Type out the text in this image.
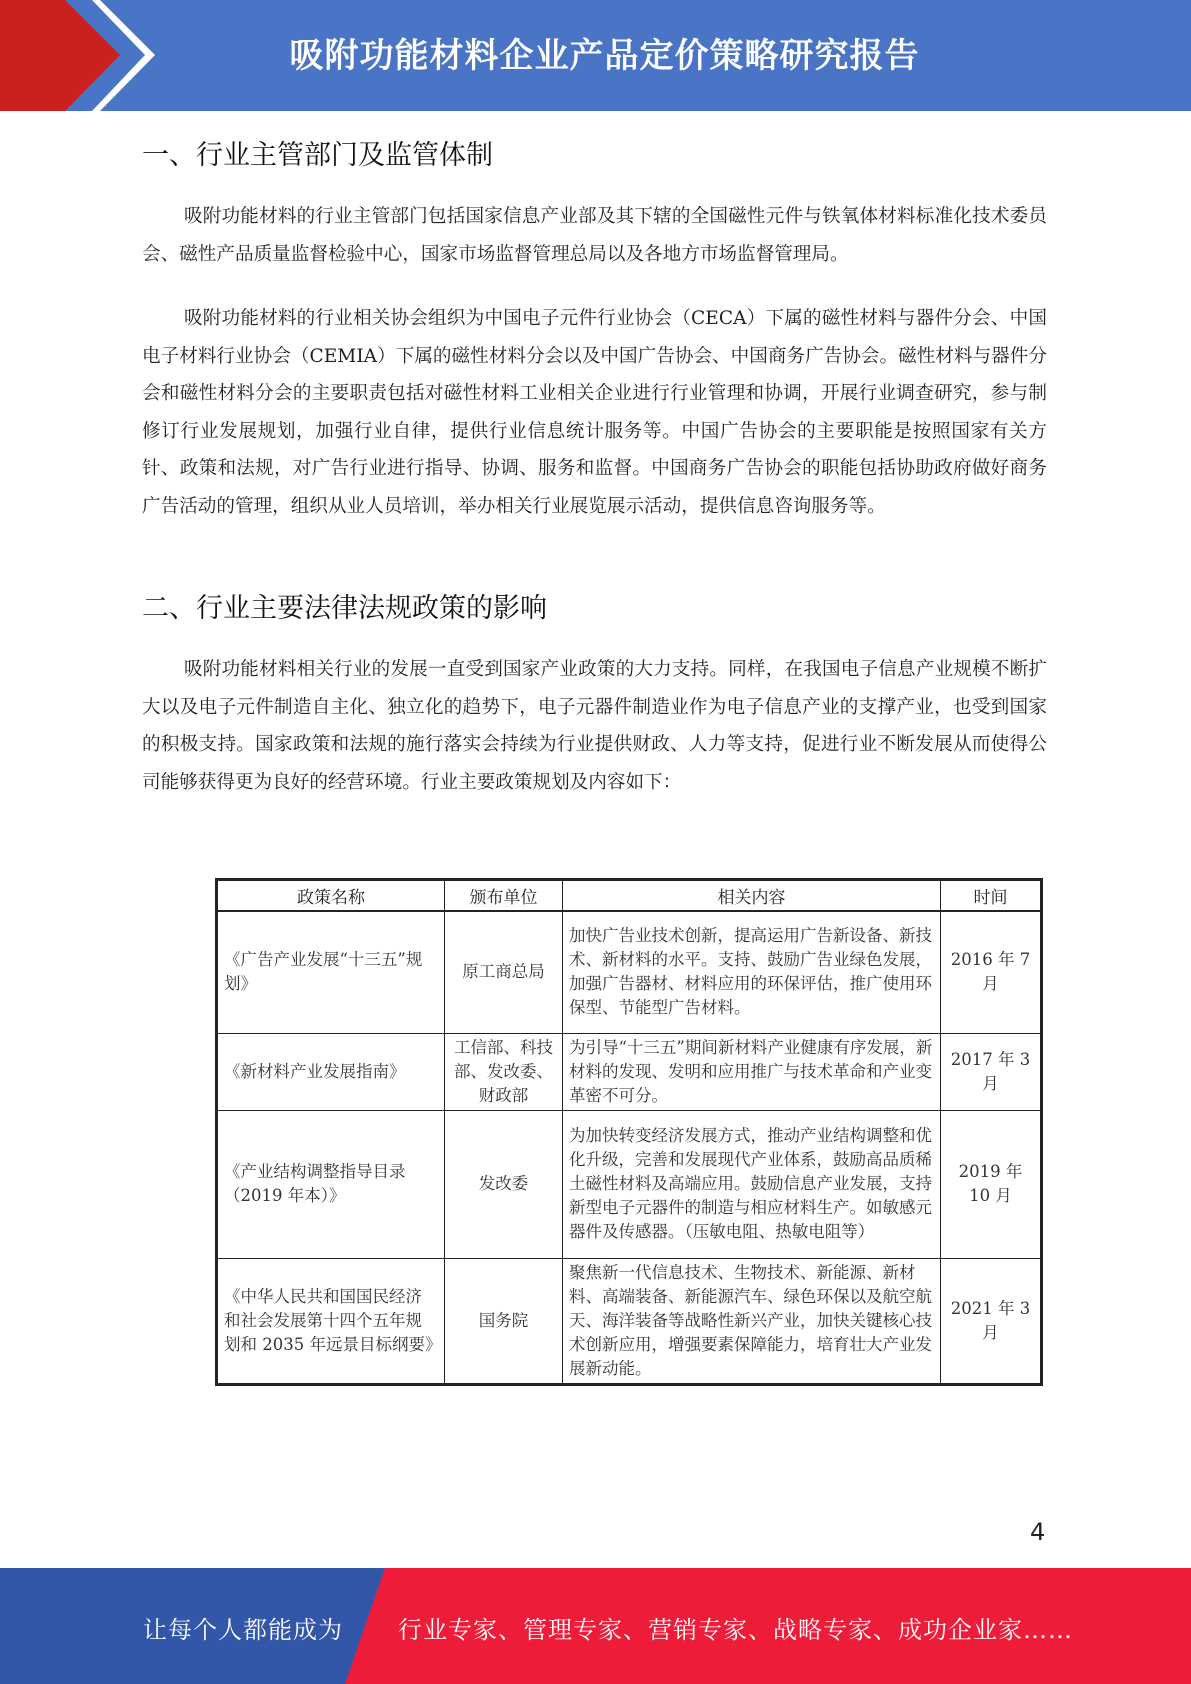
吸附功能材料企业产品定价策略研究报告
一、行业主管部门及监管体制

吸附功能材料的行业主管部门包括国家信息产业部及其下辖的全国磁性元件与铁氧体材料标准化技术委员会、磁性产品质量监督检验中心，国家市场监督管理总局以及各地方市场监督管理局。

吸附功能材料的行业相关协会组织为中国电子元件行业协会（CECA）下属的磁性材料与器件分会、中国电子材料行业协会（CEMIA）下属的磁性材料分会以及中国广告协会、中国商务广告协会。磁性材料与器件分会和磁性材料分会的主要职责包括对磁性材料工业相关企业进行行业管理和协调，开展行业调查研究，参与制修订行业发展规划，加强行业自律，提供行业信息统计服务等。中国广告协会的主要职能是按照国家有关方针、政策和法规，对广告行业进行指导、协调、服务和监督。中国商务广告协会的职能包括协助政府做好商务广告活动的管理，组织从业人员培训，举办相关行业展览展示活动，提供信息咨询服务等。

二、行业主要法律法规政策的影响

吸附功能材料相关行业的发展一直受到国家产业政策的大力支持。同样，在我国电子信息产业规模不断扩大以及电子元件制造自主化、独立化的趋势下，电子元器件制造业作为电子信息产业的支撑产业，也受到国家的积极支持。国家政策和法规的施行落实会持续为行业提供财政、人力等支持，促进行业不断发展从而使得公司能够获得更为良好的经营环境。行业主要政策规划及内容如下：

政策名称	颁布单位	相关内容	时间
《广告产业发展“十三五”规划》	原工商总局	加快广告业技术创新，提高运用广告新设备、新技术、新材料的水平。支持、鼓励广告业绿色发展，加强广告器材、材料应用的环保评估，推广使用环保型、节能型广告材料。	2016 年 7 月
《新材料产业发展指南》	工信部、科技部、发改委、财政部	为引导“十三五”期间新材料产业健康有序发展，新材料的发现、发明和应用推广与技术革命和产业变革密不可分。	2017 年 3 月
《产业结构调整指导目录（2019 年本）》	发改委	为加快转变经济发展方式，推动产业结构调整和优化升级，完善和发展现代产业体系，鼓励高品质稀土磁性材料及高端应用。鼓励信息产业发展，支持新型电子元器件的制造与相应材料生产。如敏感元器件及传感器。（压敏电阻、热敏电阻等）	2019 年 10 月
《中华人民共和国国民经济和社会发展第十四个五年规划和 2035 年远景目标纲要》	国务院	聚焦新一代信息技术、生物技术、新能源、新材料、高端装备、新能源汽车、绿色环保以及航空航天、海洋装备等战略性新兴产业，加快关键核心技术创新应用，增强要素保障能力，培育壮大产业发展新动能。	2021 年 3 月
4
让每个人都能成为 行业专家、管理专家、营销专家、战略专家、成功企业家……
